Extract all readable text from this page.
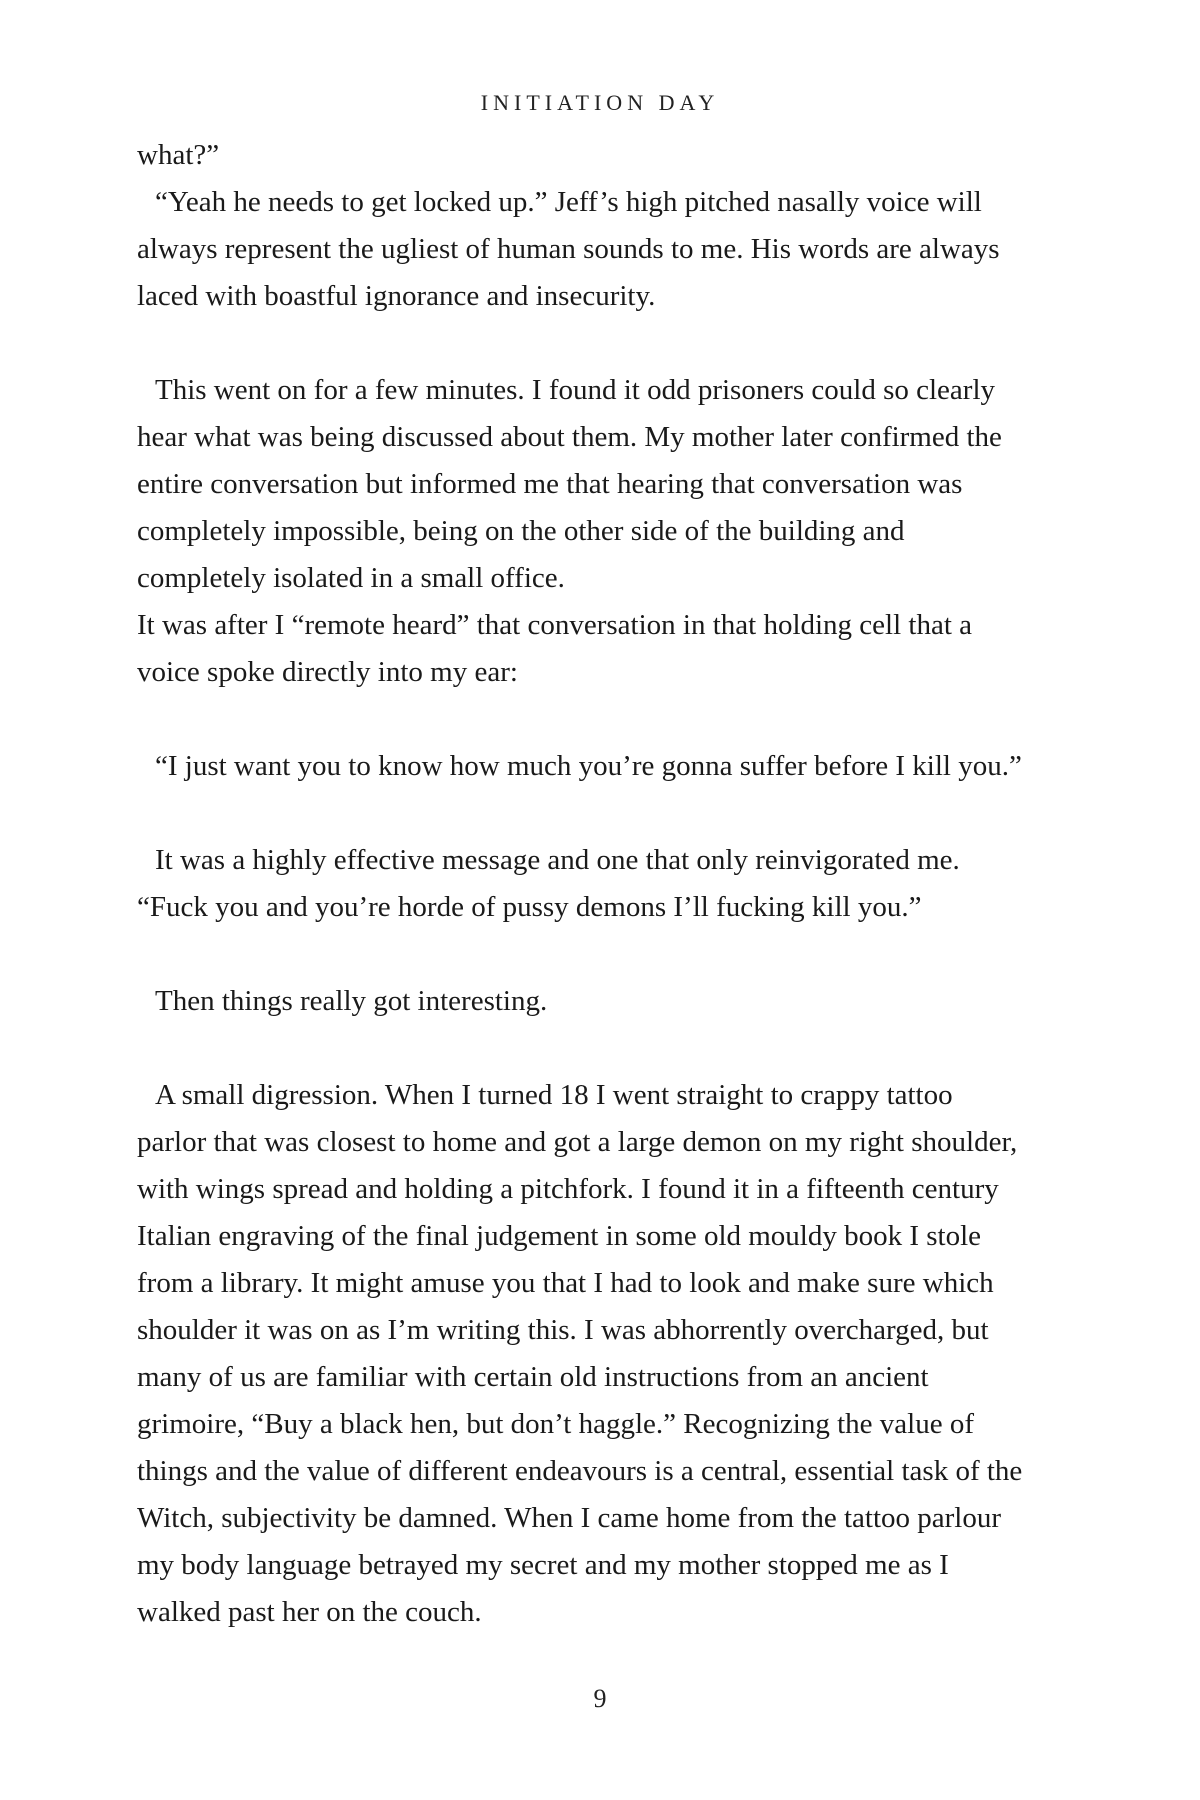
INITIATION DAY
what?”
“Yeah he needs to get locked up.” Jeff’s high pitched nasally voice will
always represent the ugliest of human sounds to me. His words are always
laced with boastful ignorance and insecurity.
This went on for a few minutes. I found it odd prisoners could so clearly
hear what was being discussed about them. My mother later confirmed the
entire conversation but informed me that hearing that conversation was
completely impossible, being on the other side of the building and
completely isolated in a small office.
It was after I “remote heard” that conversation in that holding cell that a
voice spoke directly into my ear:
“I just want you to know how much you’re gonna suffer before I kill you.”
It was a highly effective message and one that only reinvigorated me.
“Fuck you and you’re horde of pussy demons I’ll fucking kill you.”
Then things really got interesting.
A small digression. When I turned 18 I went straight to crappy tattoo
parlor that was closest to home and got a large demon on my right shoulder,
with wings spread and holding a pitchfork. I found it in a fifteenth century
Italian engraving of the final judgement in some old mouldy book I stole
from a library. It might amuse you that I had to look and make sure which
shoulder it was on as I’m writing this. I was abhorrently overcharged, but
many of us are familiar with certain old instructions from an ancient
grimoire, “Buy a black hen, but don’t haggle.” Recognizing the value of
things and the value of different endeavours is a central, essential task of the
Witch, subjectivity be damned. When I came home from the tattoo parlour
my body language betrayed my secret and my mother stopped me as I
walked past her on the couch.
9
